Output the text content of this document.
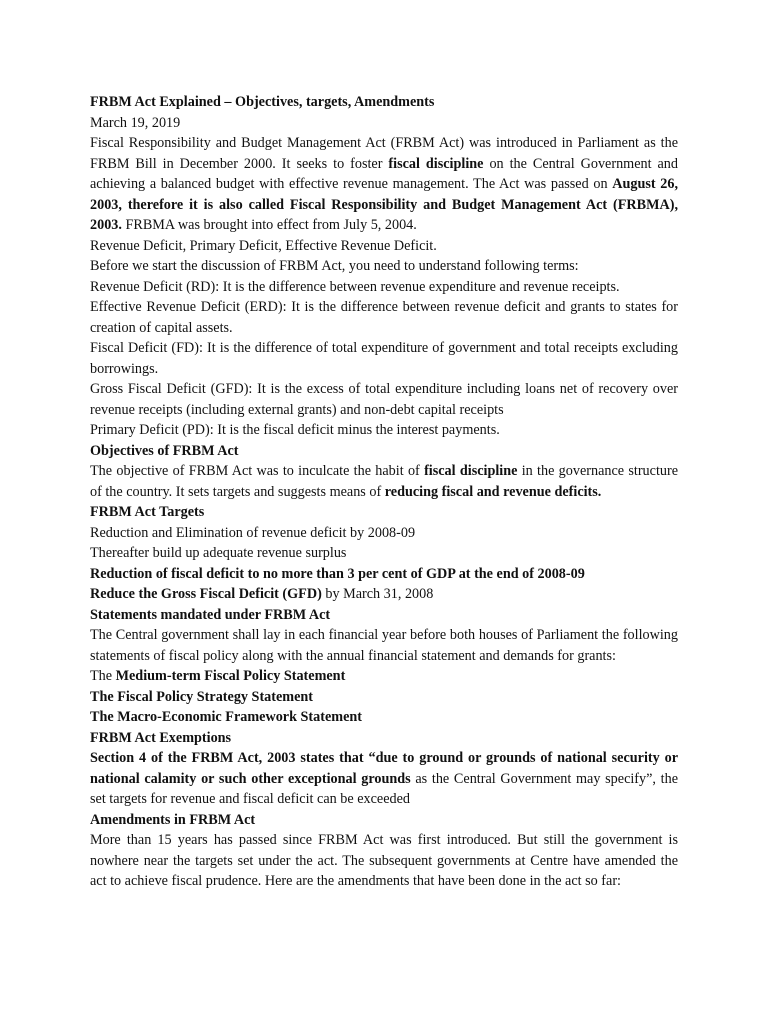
FRBM Act Explained – Objectives, targets, Amendments

March 19, 2019

Fiscal Responsibility and Budget Management Act (FRBM Act) was introduced in Parliament as the FRBM Bill in December 2000. It seeks to foster fiscal discipline on the Central Government and achieving a balanced budget with effective revenue management. The Act was passed on August 26, 2003, therefore it is also called Fiscal Responsibility and Budget Management Act (FRBMA), 2003. FRBMA was brought into effect from July 5, 2004.

Revenue Deficit, Primary Deficit, Effective Revenue Deficit.

Before we start the discussion of FRBM Act, you need to understand following terms:

Revenue Deficit (RD): It is the difference between revenue expenditure and revenue receipts.

Effective Revenue Deficit (ERD): It is the difference between revenue deficit and grants to states for creation of capital assets.

Fiscal Deficit (FD): It is the difference of total expenditure of government and total receipts excluding borrowings.

Gross Fiscal Deficit (GFD): It is the excess of total expenditure including loans net of recovery over revenue receipts (including external grants) and non-debt capital receipts

Primary Deficit (PD): It is the fiscal deficit minus the interest payments.

Objectives of FRBM Act

The objective of FRBM Act was to inculcate the habit of fiscal discipline in the governance structure of the country. It sets targets and suggests means of reducing fiscal and revenue deficits.

FRBM Act Targets

Reduction and Elimination of revenue deficit by 2008-09

Thereafter build up adequate revenue surplus

Reduction of fiscal deficit to no more than 3 per cent of GDP at the end of 2008-09

Reduce the Gross Fiscal Deficit (GFD) by March 31, 2008

Statements mandated under FRBM Act

The Central government shall lay in each financial year before both houses of Parliament the following statements of fiscal policy along with the annual financial statement and demands for grants:

The Medium-term Fiscal Policy Statement

The Fiscal Policy Strategy Statement

The Macro-Economic Framework Statement

FRBM Act Exemptions

Section 4 of the FRBM Act, 2003 states that “due to ground or grounds of national security or national calamity or such other exceptional grounds as the Central Government may specify”, the set targets for revenue and fiscal deficit can be exceeded

Amendments in FRBM Act

More than 15 years has passed since FRBM Act was first introduced. But still the government is nowhere near the targets set under the act. The subsequent governments at Centre have amended the act to achieve fiscal prudence. Here are the amendments that have been done in the act so far:
